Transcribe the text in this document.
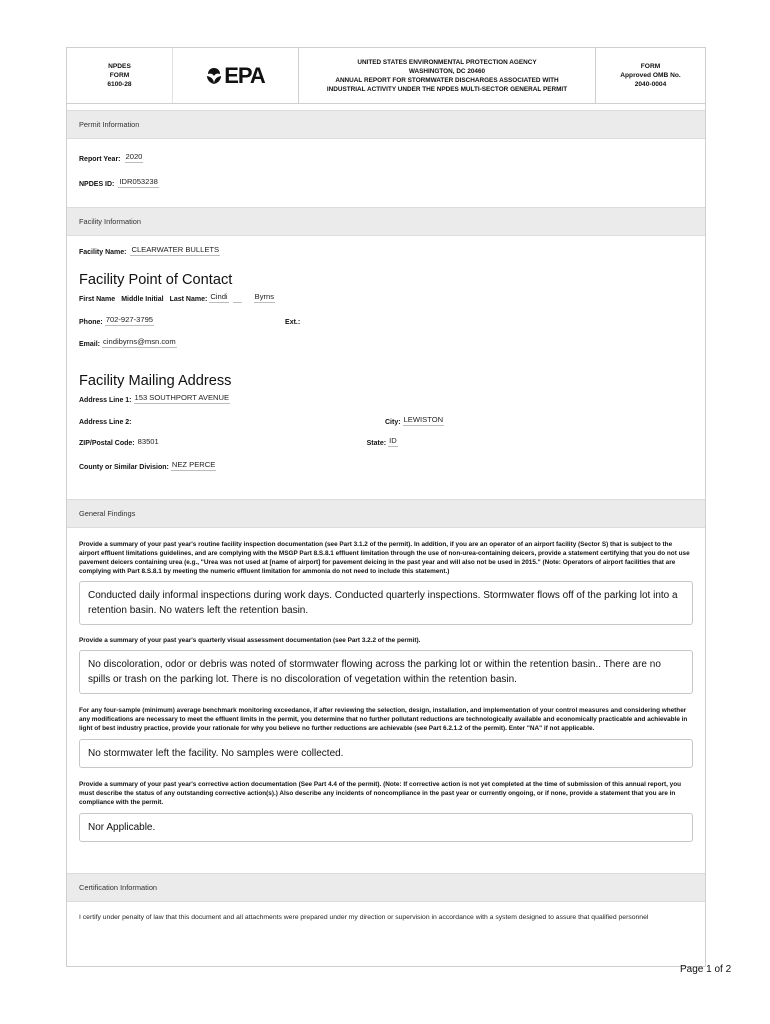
NPDES
FORM
6100-28	EPA
UNITED STATES ENVIRONMENTAL PROTECTION AGENCY
WASHINGTON, DC 20460
ANNUAL REPORT FOR STORMWATER DISCHARGES ASSOCIATED WITH
INDUSTRIAL ACTIVITY UNDER THE NPDES MULTI-SECTOR GENERAL PERMIT
FORM
Approved OMB No.
2040-0004
Permit Information
Report Year: 2020
NPDES ID: IDR053238
Facility Information
Facility Name: CLEARWATER BULLETS
Facility Point of Contact
First Name Middle Initial Last Name: Cindi	Byrns
Phone: 702-927-3795	Ext.:
Email: cindibyrns@msn.com
Facility Mailing Address
Address Line 1: 153 SOUTHPORT AVENUE
Address Line 2:	City: LEWISTON
ZIP/Postal Code: 83501	State: ID
County or Similar Division: NEZ PERCE
General Findings
Provide a summary of your past year's routine facility inspection documentation (see Part 3.1.2 of the permit). In addition, if you are an operator of an airport facility (Sector S) that is subject to the airport effluent limitations guidelines, and are complying with the MSGP Part 8.S.8.1 effluent limitation through the use of non-urea-containing deicers, provide a statement certifying that you do not use pavement deicers containing urea (e.g., "Urea was not used at [name of airport] for pavement deicing in the past year and will also not be used in 2015." (Note: Operators of airport facilities that are complying with Part 8.S.8.1 by meeting the numeric effluent limitation for ammonia do not need to include this statement.)
Conducted daily informal inspections during work days. Conducted quarterly inspections. Stormwater flows off of the parking lot into a retention basin. No waters left the retention basin.
Provide a summary of your past year's quarterly visual assessment documentation (see Part 3.2.2 of the permit).
No discoloration, odor or debris was noted of stormwater flowing across the parking lot or within the retention basin.. There are no spills or trash on the parking lot. There is no discoloration of vegetation within the retention basin.
For any four-sample (minimum) average benchmark monitoring exceedance, if after reviewing the selection, design, installation, and implementation of your control measures and considering whether any modifications are necessary to meet the effluent limits in the permit, you determine that no further pollutant reductions are technologically available and economically practicable and achievable in light of best industry practice, provide your rationale for why you believe no further reductions are achievable (see Part 6.2.1.2 of the permit). Enter "NA" if not applicable.
No stormwater left the facility. No samples were collected.
Provide a summary of your past year's corrective action documentation (See Part 4.4 of the permit). (Note: If corrective action is not yet completed at the time of submission of this annual report, you must describe the status of any outstanding corrective action(s).) Also describe any incidents of noncompliance in the past year or currently ongoing, or if none, provide a statement that you are in compliance with the permit.
Nor Applicable.
Certification Information
I certify under penalty of law that this document and all attachments were prepared under my direction or supervision in accordance with a system designed to assure that qualified personnel
Page 1 of 2
